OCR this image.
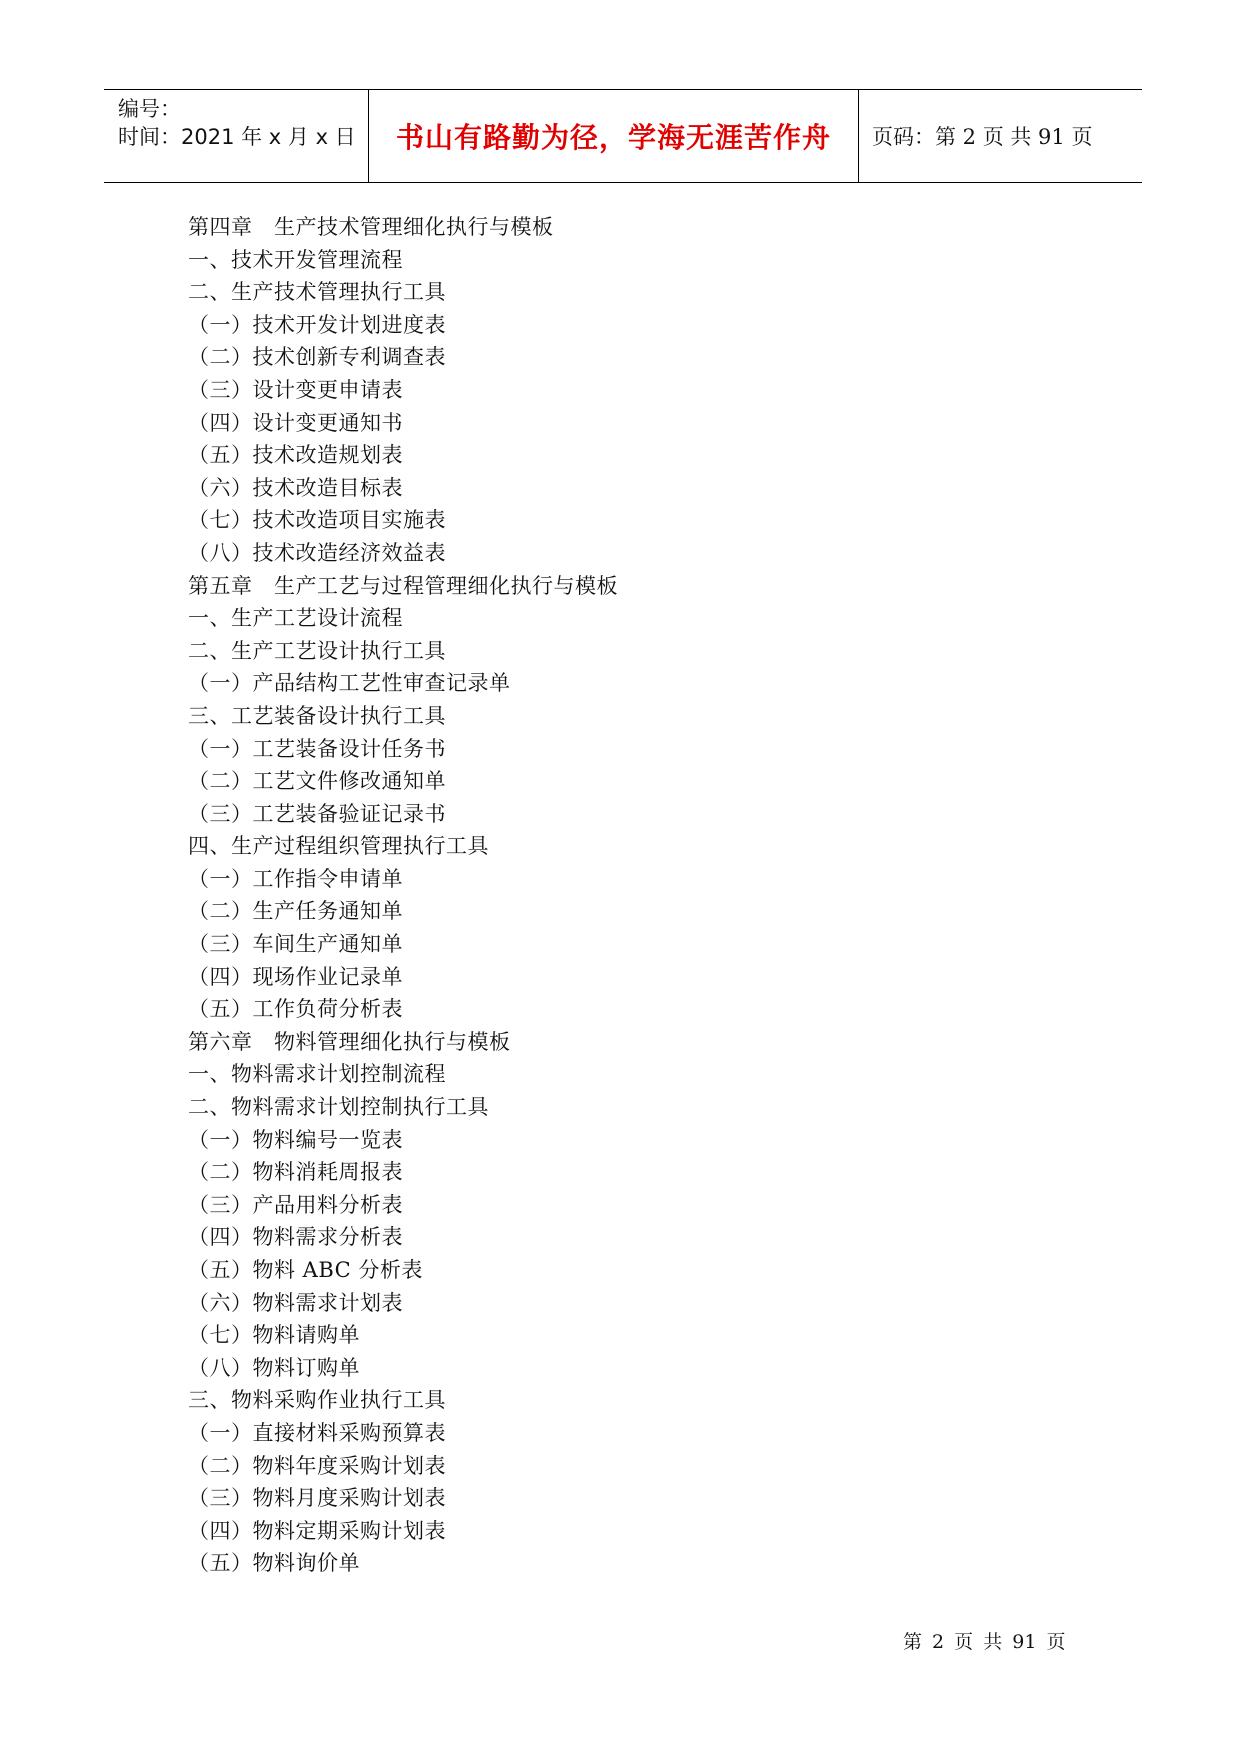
编号：
时间：2021 年 x 月 x 日 书山有路勤为径，学海无涯苦作舟 页码：第 2 页 共 91 页
第四章　生产技术管理细化执行与模板
一、技术开发管理流程
二、生产技术管理执行工具
（一）技术开发计划进度表
（二）技术创新专利调查表
（三）设计变更申请表
（四）设计变更通知书
（五）技术改造规划表
（六）技术改造目标表
（七）技术改造项目实施表
（八）技术改造经济效益表
第五章　生产工艺与过程管理细化执行与模板
一、生产工艺设计流程
二、生产工艺设计执行工具
（一）产品结构工艺性审查记录单
三、工艺装备设计执行工具
（一）工艺装备设计任务书
（二）工艺文件修改通知单
（三）工艺装备验证记录书
四、生产过程组织管理执行工具
（一）工作指令申请单
（二）生产任务通知单
（三）车间生产通知单
（四）现场作业记录单
（五）工作负荷分析表
第六章　物料管理细化执行与模板
一、物料需求计划控制流程
二、物料需求计划控制执行工具
（一）物料编号一览表
（二）物料消耗周报表
（三）产品用料分析表
（四）物料需求分析表
（五）物料 ABC 分析表
（六）物料需求计划表
（七）物料请购单
（八）物料订购单
三、物料采购作业执行工具
（一）直接材料采购预算表
（二）物料年度采购计划表
（三）物料月度采购计划表
（四）物料定期采购计划表
（五）物料询价单
第 2 页 共 91 页
